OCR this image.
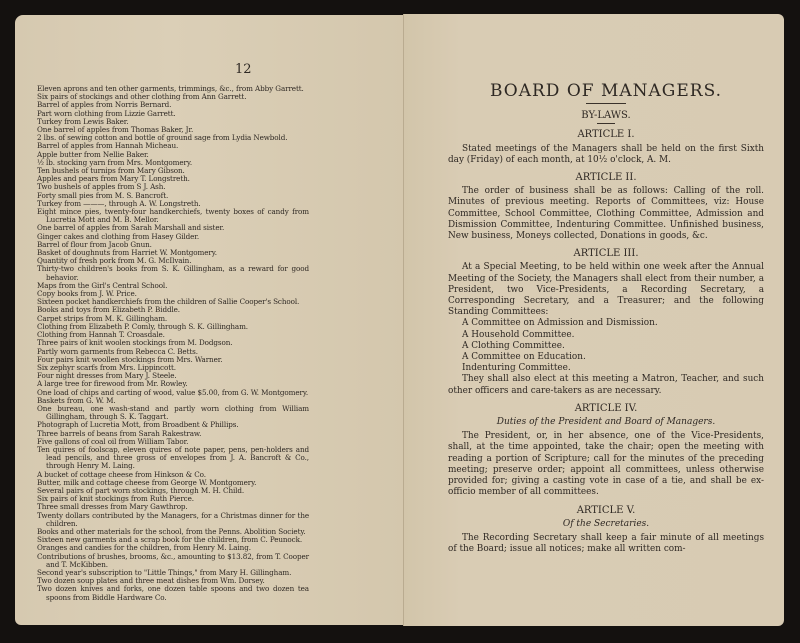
12
Eleven aprons and ten other garments, trimmings, &c., from Abby Garrett.
Six pairs of stockings and other clothing from Ann Garrett.
Barrel of apples from Norris Bernard.
Part worn clothing from Lizzie Garrett.
Turkey from Lewis Baker.
One barrel of apples from Thomas Baker, Jr.
2 lbs. of sewing cotton and bottle of ground sage from Lydia Newbold.
Barrel of apples from Hannah Micheau.
Apple butter from Nellie Baker.
½ lb. stocking yarn from Mrs. Montgomery.
Ten bushels of turnips from Mary Gibson.
Apples and pears from Mary T. Longstreth.
Two bushels of apples from S J. Ash.
Forty small pies from M. S. Bancroft.
Turkey from ———, through A. W. Longstreth.
Eight mince pies, twenty-four handkerchiefs, twenty boxes of candy from Lucretia Mott and M. B. Mellor.
One barrel of apples from Sarah Marshall and sister.
Ginger cakes and clothing from Hasey Gilder.
Barrel of flour from Jacob Gnun.
Basket of doughnuts from Harriet W. Montgomery.
Quantity of fresh pork from M. G. McIlvain.
Thirty-two children's books from S. K. Gillingham, as a reward for good behavior.
Maps from the Girl's Central School.
Copy books from J. W. Price.
Sixteen pocket handkerchiefs from the children of Sallie Cooper's School.
Books and toys from Elizabeth P. Biddle.
Carpet strips from M. K. Gillingham.
Clothing from Elizabeth P. Comly, through S. K. Gillingham.
Clothing from Hannah T. Croasdale.
Three pairs of knit woolen stockings from M. Dodgson.
Partly worn garments from Rebecca C. Betts.
Four pairs knit woollen stockings from Mrs. Warner.
Six zephyr scarfs from Mrs. Lippincott.
Four night dresses from Mary J. Steele.
A large tree for firewood from Mr. Rowley.
One load of chips and carting of wood, value $5.00, from G. W. Montgomery.
Baskets from G. W. M.
One bureau, one wash-stand and partly worn clothing from William Gillingham, through S. K. Taggart.
Photograph of Lucretia Mott, from Broadbent & Phillips.
Three barrels of beans from Sarah Rakestraw.
Five gallons of coal oil from William Tabor.
Ten quires of foolscap, eleven quires of note paper, pens, pen-holders and lead pencils, and three gross of envelopes from J. A. Bancroft & Co., through Henry M. Laing.
A bucket of cottage cheese from Hinkson & Co.
Butter, milk and cottage cheese from George W. Montgomery.
Several pairs of part worn stockings, through M. H. Child.
Six pairs of knit stockings from Ruth Pierce.
Three small dresses from Mary Gawthrop.
Twenty dollars contributed by the Managers, for a Christmas dinner for the children.
Books and other materials for the school, from the Penns. Abolition Society.
Sixteen new garments and a scrap book for the children, from C. Peunock.
Oranges and candies for the children, from Henry M. Laing.
Contributions of brushes, brooms, &c., amounting to $13.82, from T. Cooper and T. McKibben.
Second year's subscription to "Little Things," from Mary H. Gillingham.
Two dozen soup plates and three meat dishes from Wm. Dorsey.
Two dozen knives and forks, one dozen table spoons and two dozen tea spoons from Biddle Hardware Co.
BOARD OF MANAGERS.
BY-LAWS.
ARTICLE I.
Stated meetings of the Managers shall be held on the first Sixth day (Friday) of each month, at 10½ o'clock, A. M.
ARTICLE II.
The order of business shall be as follows: Calling of the roll. Minutes of previous meeting. Reports of Committees, viz: House Committee, School Committee, Clothing Committee, Admission and Dismission Committee, Indenturing Committee. Unfinished business, New business, Moneys collected, Donations in goods, &c.
ARTICLE III.
At a Special Meeting, to be held within one week after the Annual Meeting of the Society, the Managers shall elect from their number, a President, two Vice-Presidents, a Recording Secretary, a Corresponding Secretary, and a Treasurer; and the following Standing Committees:
A Committee on Admission and Dismission.
A Household Committee.
A Clothing Committee.
A Committee on Education.
Indenturing Committee.
They shall also elect at this meeting a Matron, Teacher, and such other officers and care-takers as are necessary.
ARTICLE IV.
Duties of the President and Board of Managers.
The President, or, in her absence, one of the Vice-Presidents, shall, at the time appointed, take the chair; open the meeting with reading a portion of Scripture; call for the minutes of the preceding meeting; preserve order; appoint all committees, unless otherwise provided for; giving a casting vote in case of a tie, and shall be ex-officio member of all committees.
ARTICLE V.
Of the Secretaries.
The Recording Secretary shall keep a fair minute of all meetings of the Board; issue all notices; make all written com-
